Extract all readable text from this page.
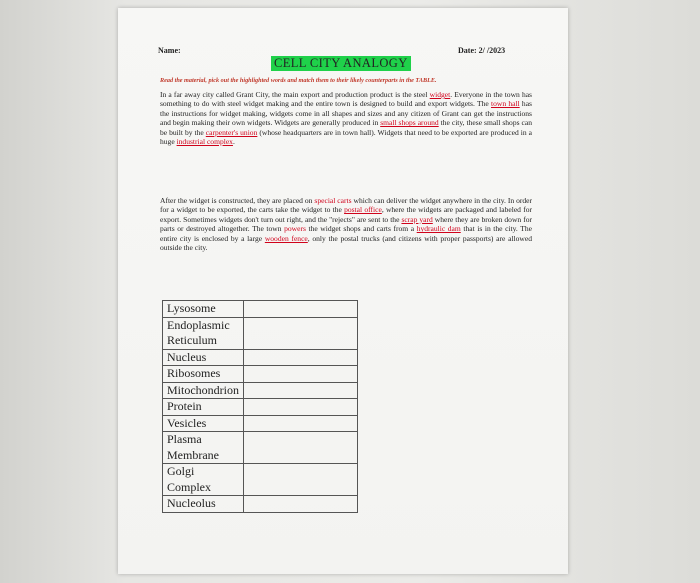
Name:	Date: 2/ /2023
CELL CITY ANALOGY
Read the material, pick out the highlighted words and match them to their likely counterparts in the TABLE.
In a far away city called Grant City, the main export and production product is the steel widget. Everyone in the town has something to do with steel widget making and the entire town is designed to build and export widgets. The town hall has the instructions for widget making, widgets come in all shapes and sizes and any citizen of Grant can get the instructions and begin making their own widgets. Widgets are generally produced in small shops around the city, these small shops can be built by the carpenter's union (whose headquarters are in town hall). Widgets that need to be exported are produced in a huge industrial complex.
After the widget is constructed, they are placed on special carts which can deliver the widget anywhere in the city. In order for a widget to be exported, the carts take the widget to the postal office, where the widgets are packaged and labeled for export. Sometimes widgets don't turn out right, and the "rejects" are sent to the scrap yard where they are broken down for parts or destroyed altogether. The town powers the widget shops and carts from a hydraulic dam that is in the city. The entire city is enclosed by a large wooden fence, only the postal trucks (and citizens with proper passports) are allowed outside the city.
Lysosome	
Endoplasmic Reticulum	
Nucleus	
Ribosomes	
Mitochondrion	
Protein	
Vesicles	
Plasma Membrane	
Golgi Complex	
Nucleolus	
